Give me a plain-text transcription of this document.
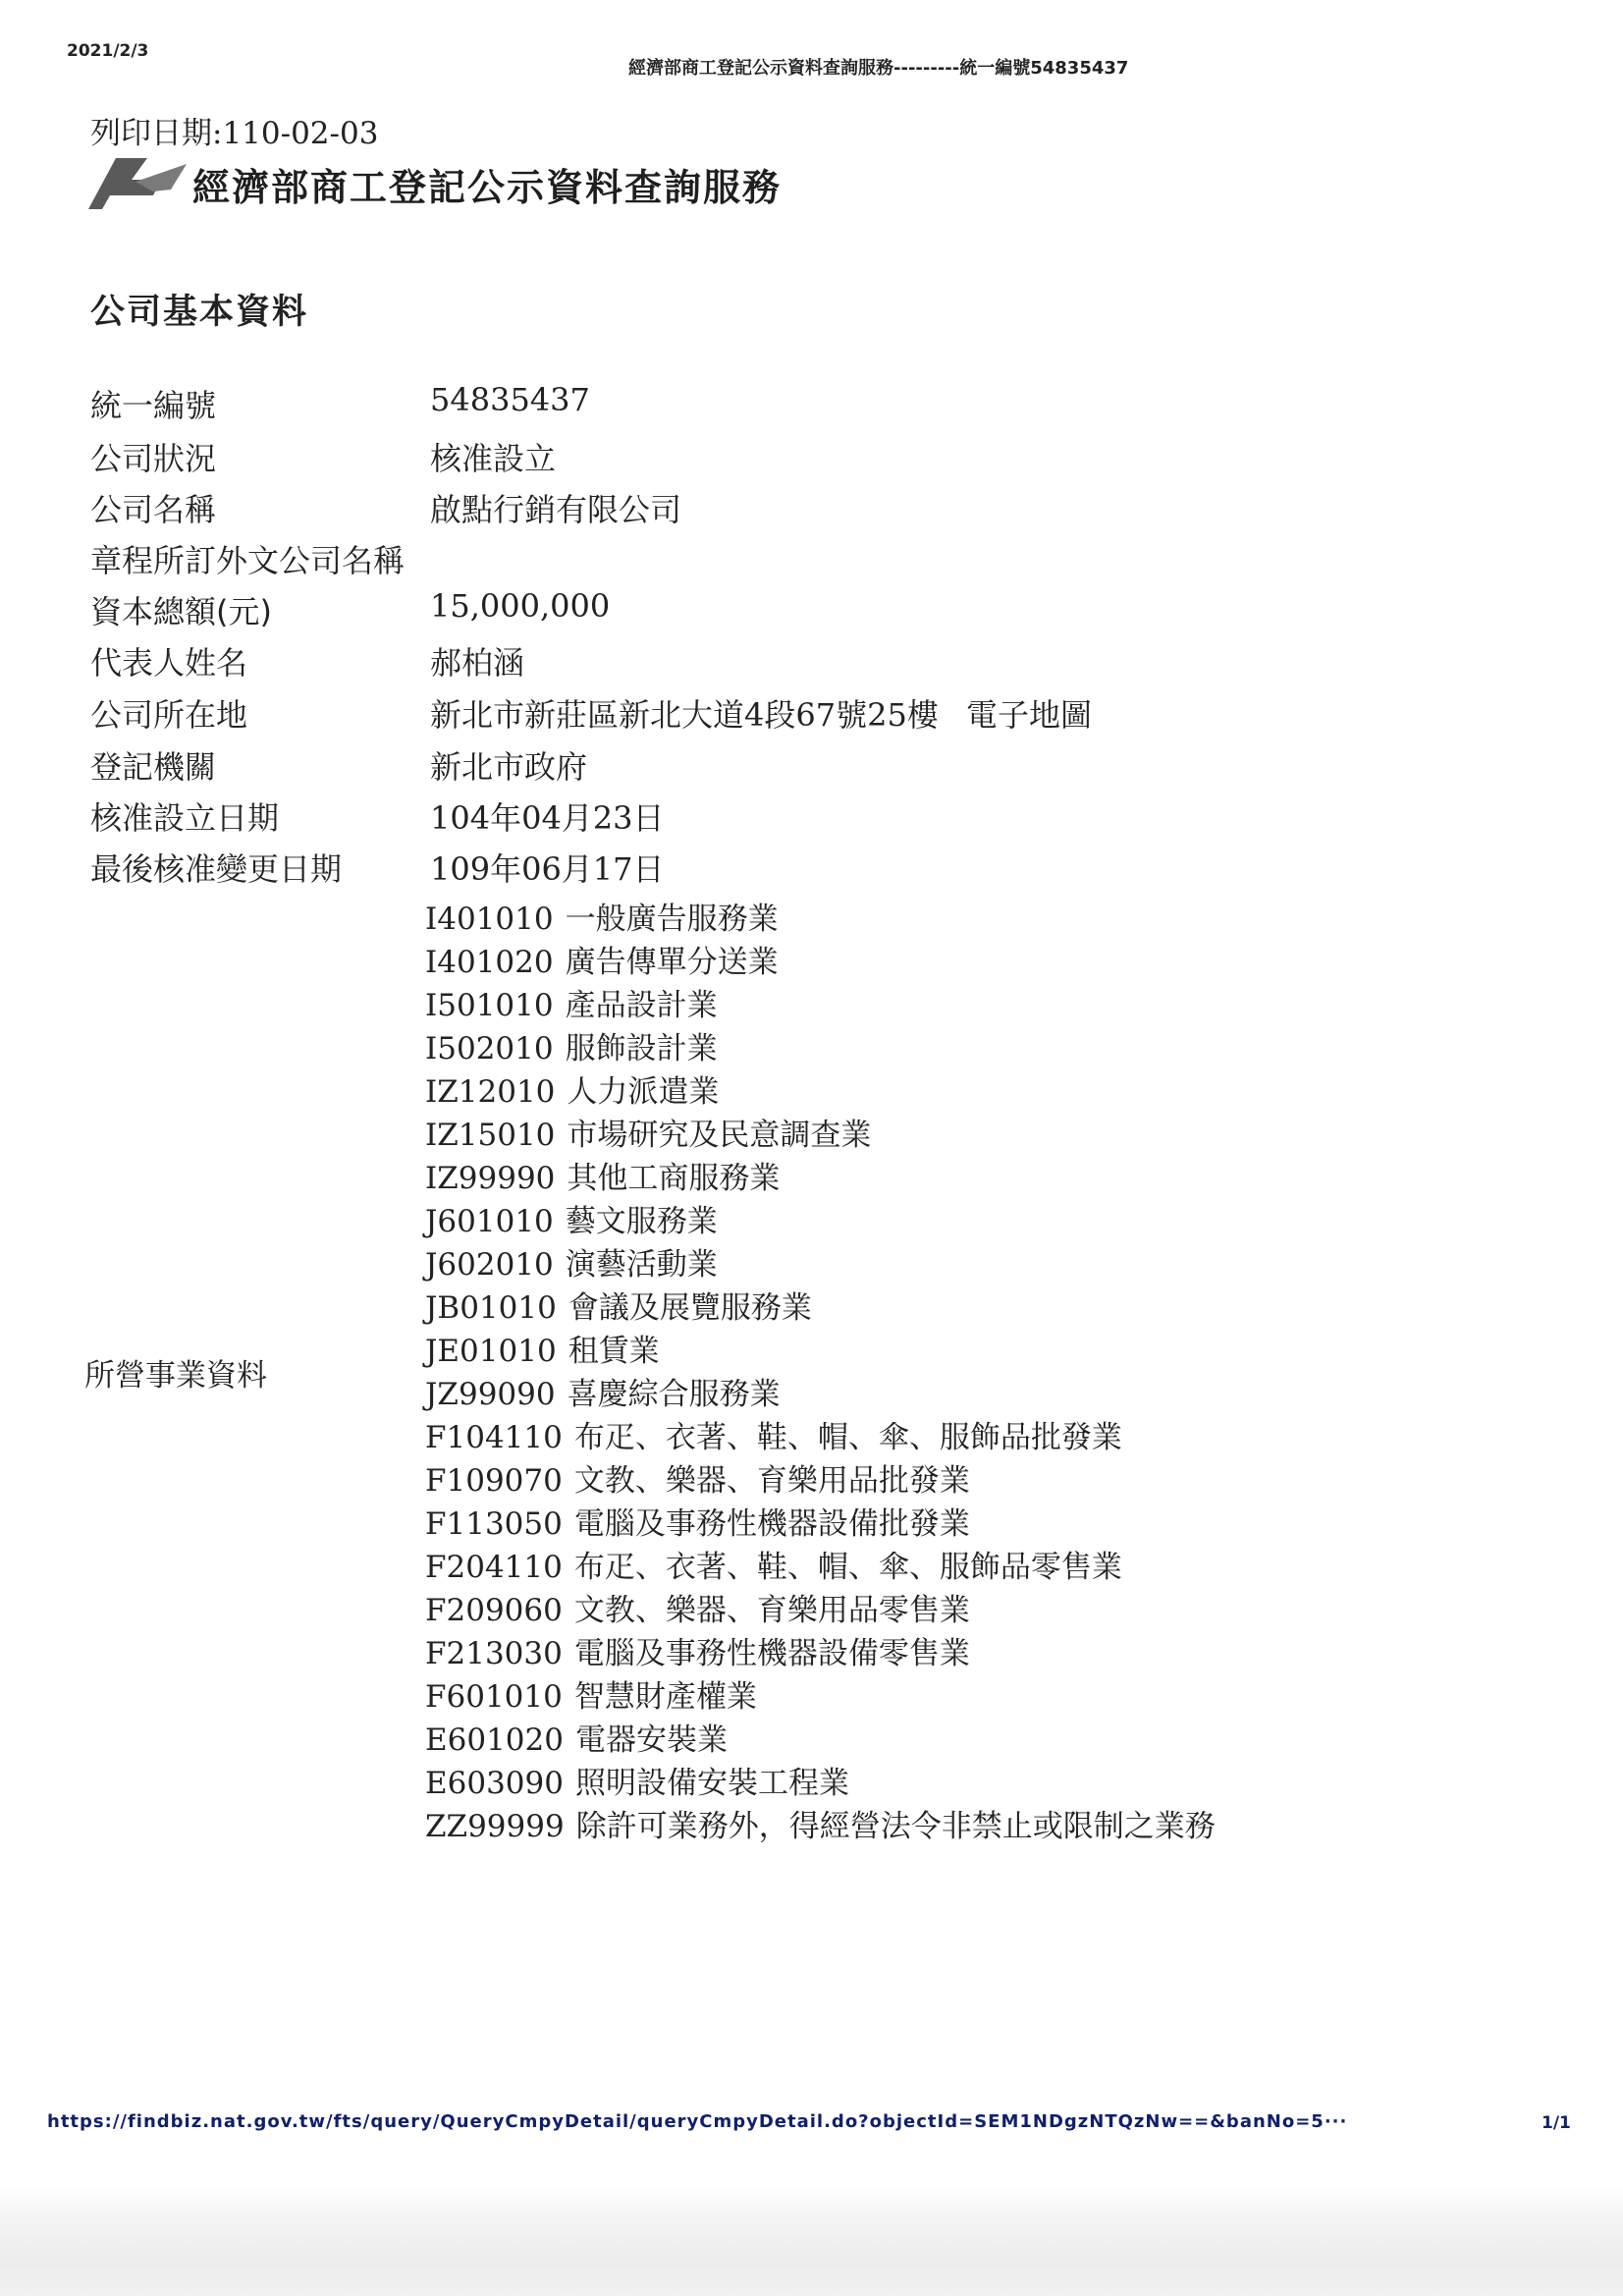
2021/2/3
經濟部商工登記公示資料查詢服務---------統一編號54835437
列印日期:110-02-03
經濟部商工登記公示資料查詢服務
公司基本資料
統一編號	54835437
公司狀況	核准設立
公司名稱	啟點行銷有限公司
章程所訂外文公司名稱
資本總額(元)	15,000,000
代表人姓名	郝柏涵
公司所在地	新北市新莊區新北大道4段67號25樓 電子地圖
登記機關	新北市政府
核准設立日期	104年04月23日
最後核准變更日期	109年06月17日
所營事業資料
I401010 一般廣告服務業
I401020 廣告傳單分送業
I501010 產品設計業
I502010 服飾設計業
IZ12010 人力派遣業
IZ15010 市場研究及民意調查業
IZ99990 其他工商服務業
J601010 藝文服務業
J602010 演藝活動業
JB01010 會議及展覽服務業
JE01010 租賃業
JZ99090 喜慶綜合服務業
F104110 布疋、衣著、鞋、帽、傘、服飾品批發業
F109070 文教、樂器、育樂用品批發業
F113050 電腦及事務性機器設備批發業
F204110 布疋、衣著、鞋、帽、傘、服飾品零售業
F209060 文教、樂器、育樂用品零售業
F213030 電腦及事務性機器設備零售業
F601010 智慧財產權業
E601020 電器安裝業
E603090 照明設備安裝工程業
ZZ99999 除許可業務外，得經營法令非禁止或限制之業務
https://findbiz.nat.gov.tw/fts/query/QueryCmpyDetail/queryCmpyDetail.do?objectId=SEM1NDgzNTQzNw==&banNo=5···	1/1
